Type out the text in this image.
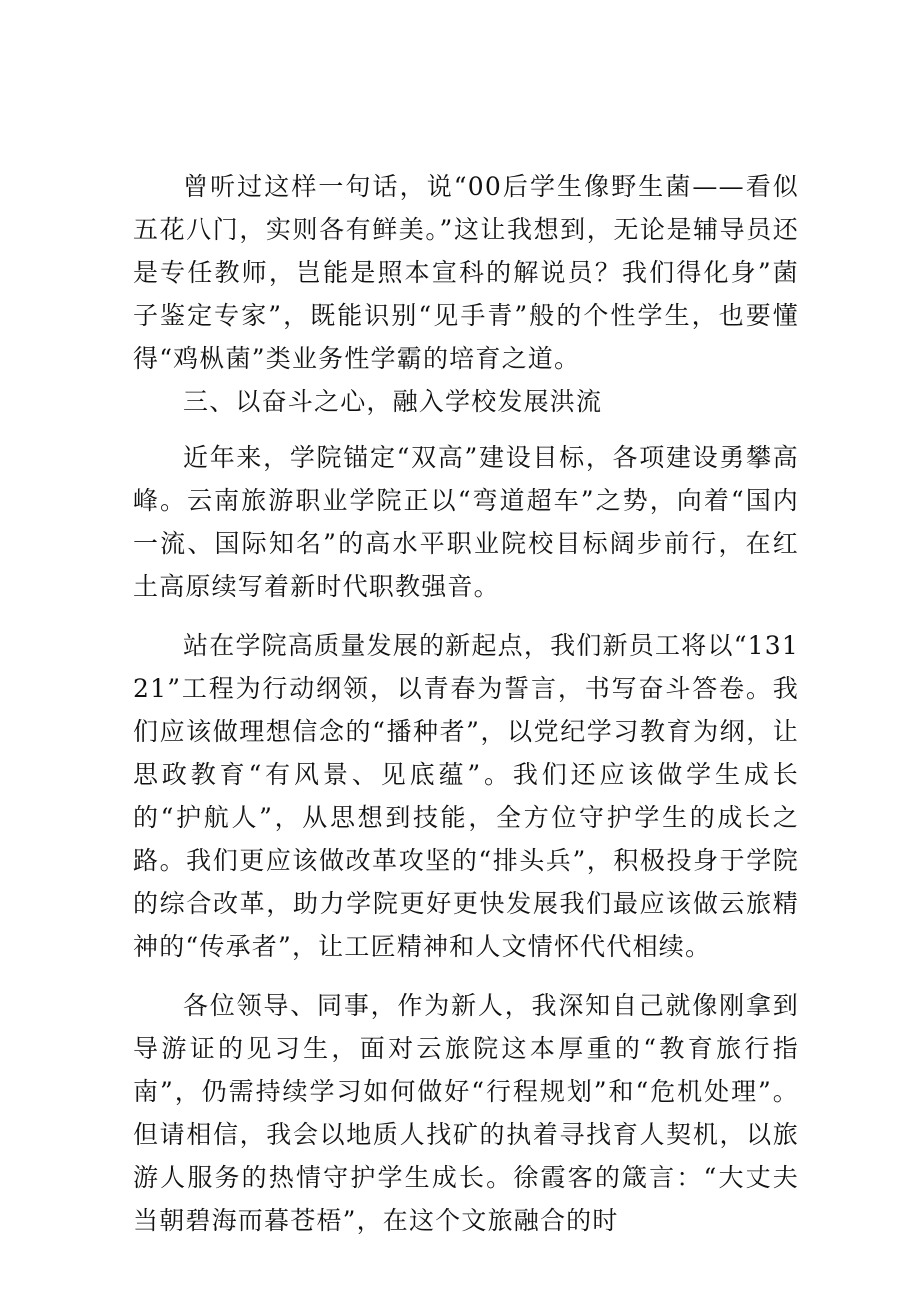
曾听过这样一句话，说“00后学生像野生菌——看似五花八门，实则各有鲜美。”这让我想到，无论是辅导员还是专任教师，岂能是照本宣科的解说员？我们得化身”菌子鉴定专家”，既能识别“见手青”般的个性学生，也要懂得“鸡枞菌”类业务性学霸的培育之道。

三、以奋斗之心，融入学校发展洪流

近年来，学院锚定“双高”建设目标，各项建设勇攀高峰。云南旅游职业学院正以“弯道超车”之势，向着“国内一流、国际知名”的高水平职业院校目标阔步前行，在红土高原续写着新时代职教强音。

站在学院高质量发展的新起点，我们新员工将以“13121”工程为行动纲领，以青春为誓言，书写奋斗答卷。我们应该做理想信念的“播种者”，以党纪学习教育为纲，让思政教育“有风景、见底蕴”。我们还应该做学生成长的“护航人”，从思想到技能，全方位守护学生的成长之路。我们更应该做改革攻坚的“排头兵”，积极投身于学院的综合改革，助力学院更好更快发展我们最应该做云旅精神的“传承者”，让工匠精神和人文情怀代代相续。

各位领导、同事，作为新人，我深知自己就像刚拿到导游证的见习生，面对云旅院这本厚重的“教育旅行指南”，仍需持续学习如何做好“行程规划”和“危机处理”。但请相信，我会以地质人找矿的执着寻找育人契机，以旅游人服务的热情守护学生成长。徐霞客的箴言：“大丈夫当朝碧海而暮苍梧”，在这个文旅融合的时
